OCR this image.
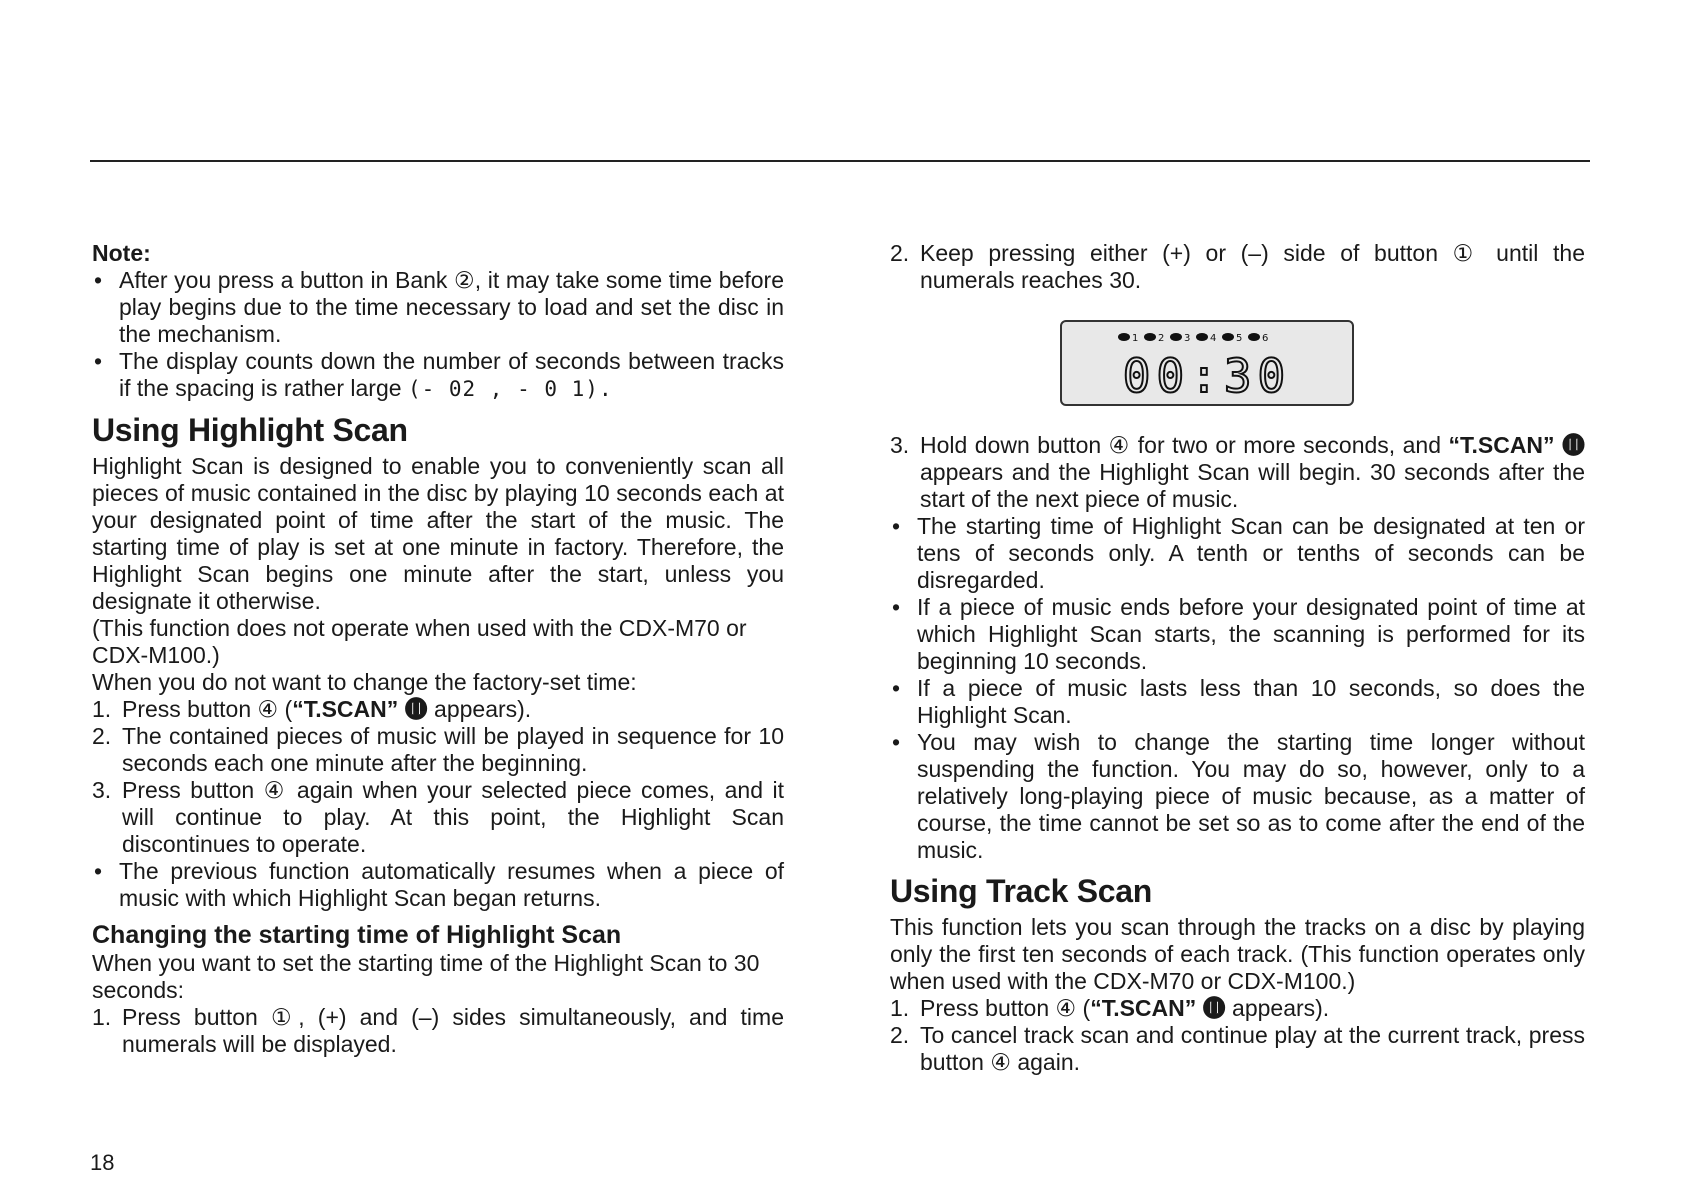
Note:

• After you press a button in Bank ②, it may take some time before play begins due to the time necessary to load and set the disc in the mechanism.

• The display counts down the number of seconds between tracks if the spacing is rather large (- 02 , - 0 1).

Using Highlight Scan

Highlight Scan is designed to enable you to conveniently scan all pieces of music contained in the disc by playing 10 seconds each at your designated point of time after the start of the music. The starting time of play is set at one minute in factory. Therefore, the Highlight Scan begins one minute after the start, unless you designate it otherwise.

(This function does not operate when used with the CDX-M70 or CDX-M100.)

When you do not want to change the factory-set time:

1. Press button ④ (“T.SCAN” ⓫ appears).

2. The contained pieces of music will be played in sequence for 10 seconds each one minute after the beginning.

3. Press button ④ again when your selected piece comes, and it will continue to play. At this point, the Highlight Scan discontinues to operate.

• The previous function automatically resumes when a piece of music with which Highlight Scan began returns.

Changing the starting time of Highlight Scan

When you want to set the starting time of the Highlight Scan to 30 seconds:

1. Press button ①, (+) and (–) sides simultaneously, and time numerals will be displayed.

2. Keep pressing either (+) or (–) side of button ① until the numerals reaches 30.

1 2 3 4 5 6
00:30

3. Hold down button ④ for two or more seconds, and “T.SCAN” ⓫ appears and the Highlight Scan will begin. 30 seconds after the start of the next piece of music.

• The starting time of Highlight Scan can be designated at ten or tens of seconds only. A tenth or tenths of seconds can be disregarded.

• If a piece of music ends before your designated point of time at which Highlight Scan starts, the scanning is performed for its beginning 10 seconds.

• If a piece of music lasts less than 10 seconds, so does the Highlight Scan.

• You may wish to change the starting time longer without suspending the function. You may do so, however, only to a relatively long-playing piece of music because, as a matter of course, the time cannot be set so as to come after the end of the music.

Using Track Scan

This function lets you scan through the tracks on a disc by playing only the first ten seconds of each track. (This function operates only when used with the CDX-M70 or CDX-M100.)

1. Press button ④ (“T.SCAN” ⓫ appears).

2. To cancel track scan and continue play at the current track, press button ④ again.

18
